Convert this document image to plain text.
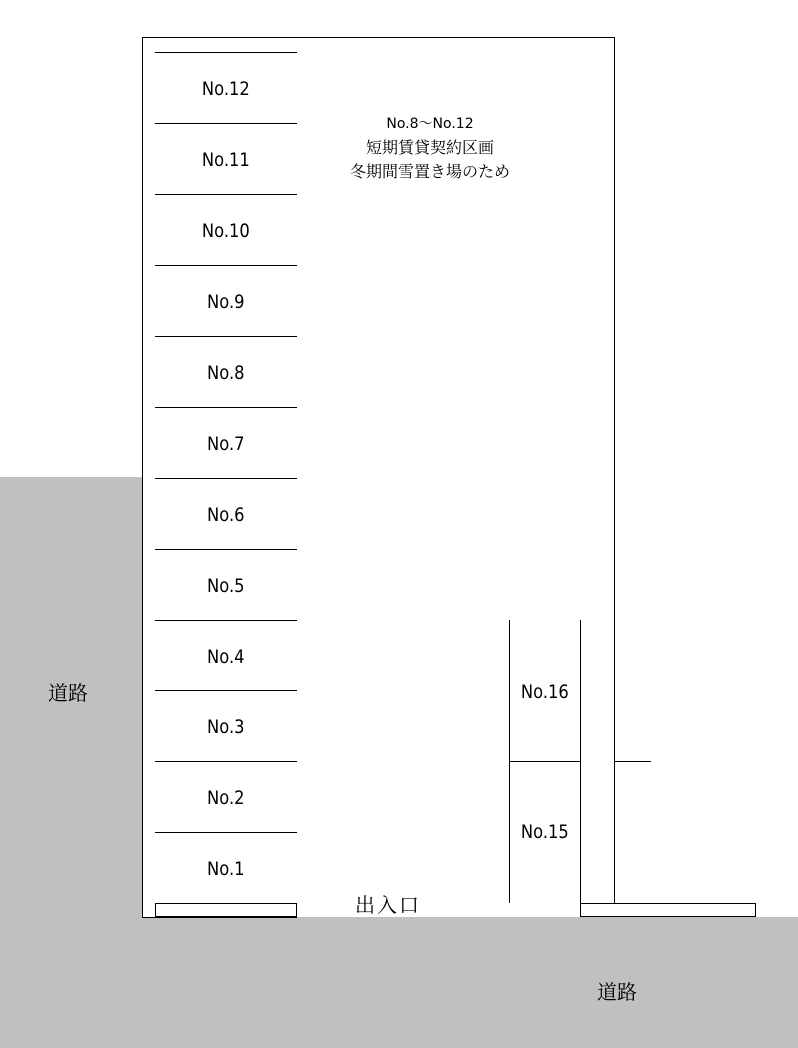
道路
道路
No.12
No.11
No.10
No.9
No.8
No.7
No.6
No.5
No.4
No.3
No.2
No.1
No.16
No.15
No.8～No.12
短期賃貸契約区画
冬期間雪置き場のため
出入口
